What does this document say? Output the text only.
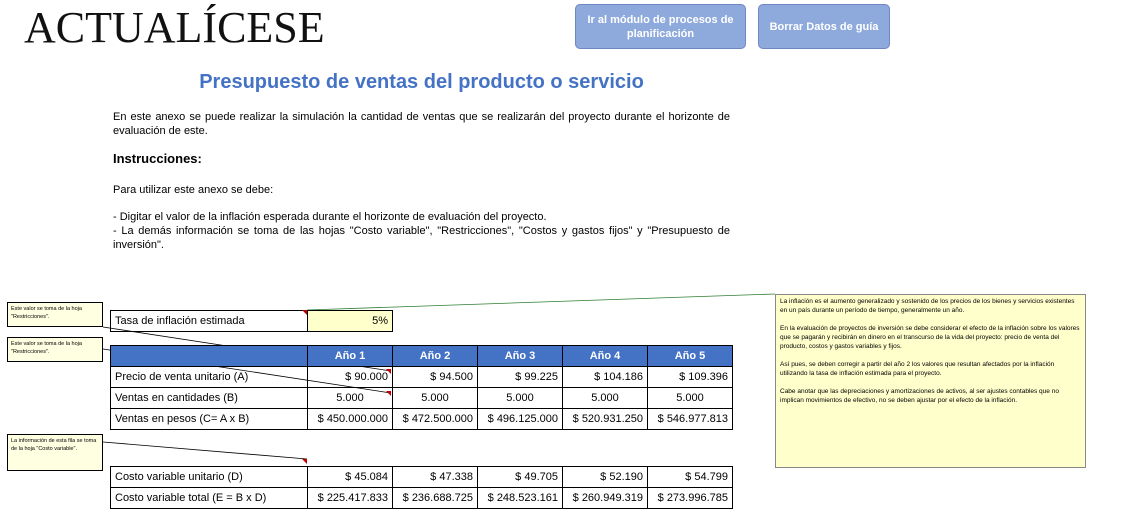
ACTUALÍCESE	Ir al módulo de procesos de planificación
Borrar Datos de guía
Presupuesto de ventas del producto o servicio
En este anexo se puede realizar la simulación la cantidad de ventas que se realizarán del proyecto durante el horizonte de evaluación de este.
Instrucciones:
Para utilizar este anexo se debe:
- Digitar el valor de la inflación esperada durante el horizonte de evaluación del proyecto.
- La demás información se toma de las hojas "Costo variable", "Restricciones", "Costos y gastos fijos" y "Presupuesto de inversión".
Tasa de inflación estimada	5%
	Año 1	Año 2	Año 3	Año 4	Año 5
Precio de venta unitario (A)	$ 90.000	$ 94.500	$ 99.225	$ 104.186	$ 109.396
Ventas en cantidades (B)	5.000	5.000	5.000	5.000	5.000
Ventas en pesos (C= A x B)	$ 450.000.000	$ 472.500.000	$ 496.125.000	$ 520.931.250	$ 546.977.813

Costo variable unitario (D)	$ 45.084	$ 47.338	$ 49.705	$ 52.190	$ 54.799
Costo variable total (E = B x D)	$ 225.417.833	$ 236.688.725	$ 248.523.161	$ 260.949.319	$ 273.996.785
Este valor se toma de la hoja "Restricciones".
Este valor se toma de la hoja "Restricciones".
La información de esta fila se toma de la hoja "Costo variable".

La inflación es el aumento generalizado y sostenido de los precios de los bienes y servicios existentes en un país durante un período de tiempo, generalmente un año.

En la evaluación de proyectos de inversión se debe considerar el efecto de la inflación sobre los valores que se pagarán y recibirán en dinero en el transcurso de la vida del proyecto: precio de venta del producto, costos y gastos variables y fijos.

Así pues, se deben corregir a partir del año 2 los valores que resultan afectados por la inflación utilizando la tasa de inflación estimada para el proyecto.

Cabe anotar que las depreciaciones y amortizaciones de activos, al ser ajustes contables que no implican movimientos de efectivo, no se deben ajustar por el efecto de la inflación.
